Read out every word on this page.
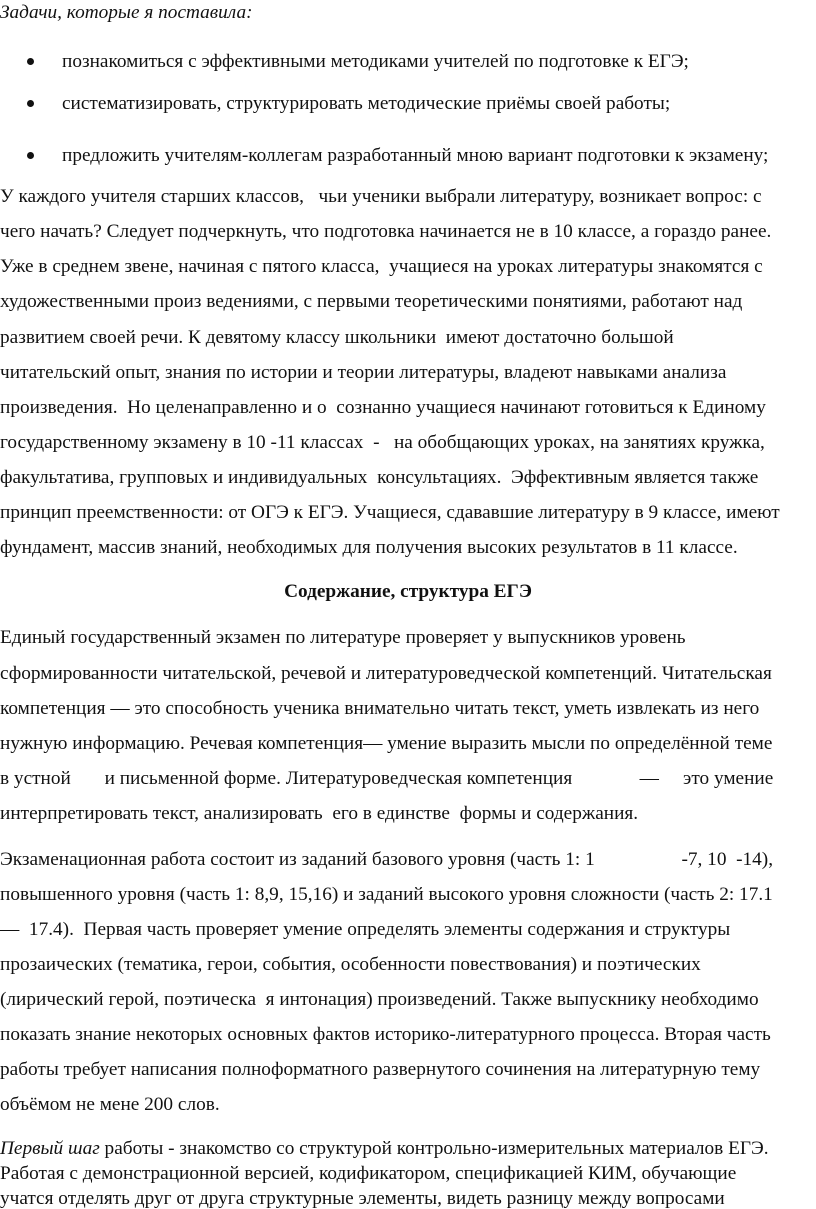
Задачи, которые я поставила:
познакомиться с эффективными методиками учителей по подготовке к ЕГЭ;
систематизировать, структурировать методические приёмы своей работы;
предложить учителям-коллегам разработанный мною вариант подготовки к экзамену;
У каждого учителя старших классов,   чьи ученики выбрали литературу, возникает вопрос: с
чего начать? Следует подчеркнуть, что подготовка начинается не в 10 классе, а гораздо ранее.
Уже в среднем звене, начиная с пятого класса,  учащиеся на уроках литературы знакомятся с
художественными произ ведениями, с первыми теоретическими понятиями, работают над
развитием своей речи. К девятому классу школьники  имеют достаточно большой
читательский опыт, знания по истории и теории литературы, владеют навыками анализа
произведения.  Но целенаправленно и о  сознанно учащиеся начинают готовиться к Единому
государственному экзамену в 10 -11 классах  -   на обобщающих уроках, на занятиях кружка,
факультатива, групповых и индивидуальных  консультациях.  Эффективным является также
принцип преемственности: от ОГЭ к ЕГЭ. Учащиеся, сдававшие литературу в 9 классе, имеют
фундамент, массив знаний, необходимых для получения высоких результатов в 11 классе.
Содержание, структура ЕГЭ
Единый государственный экзамен по литературе проверяет у выпускников уровень
сформированности читательской, речевой и литературоведческой компетенций. Читательская
компетенция — это способность ученика внимательно читать текст, уметь извлекать из него
нужную информацию. Речевая компетенция— умение выразить мысли по определённой теме
в устной       и письменной форме. Литературоведческая компетенция              —     это умение
интерпретировать текст, анализировать  его в единстве  формы и содержания.
Экзаменационная работа состоит из заданий базового уровня (часть 1: 1                  -7, 10  -14),
повышенного уровня (часть 1: 8,9, 15,16) и заданий высокого уровня сложности (часть 2: 17.1
—  17.4).  Первая часть проверяет умение определять элементы содержания и структуры
прозаических (тематика, герои, события, особенности повествования) и поэтических
(лирический герой, поэтическа  я интонация) произведений. Также выпускнику необходимо
показать знание некоторых основных фактов историко-литературного процесса. Вторая часть
работы требует написания полноформатного развернутого сочинения на литературную тему
объёмом не мене 200 слов.
Первый шаг работы - знакомство со структурой контрольно-измерительных материалов ЕГЭ.
Работая с демонстрационной версией, кодификатором, спецификацией КИМ, обучающие
учатся отделять друг от друга структурные элементы, видеть разницу между вопросами
